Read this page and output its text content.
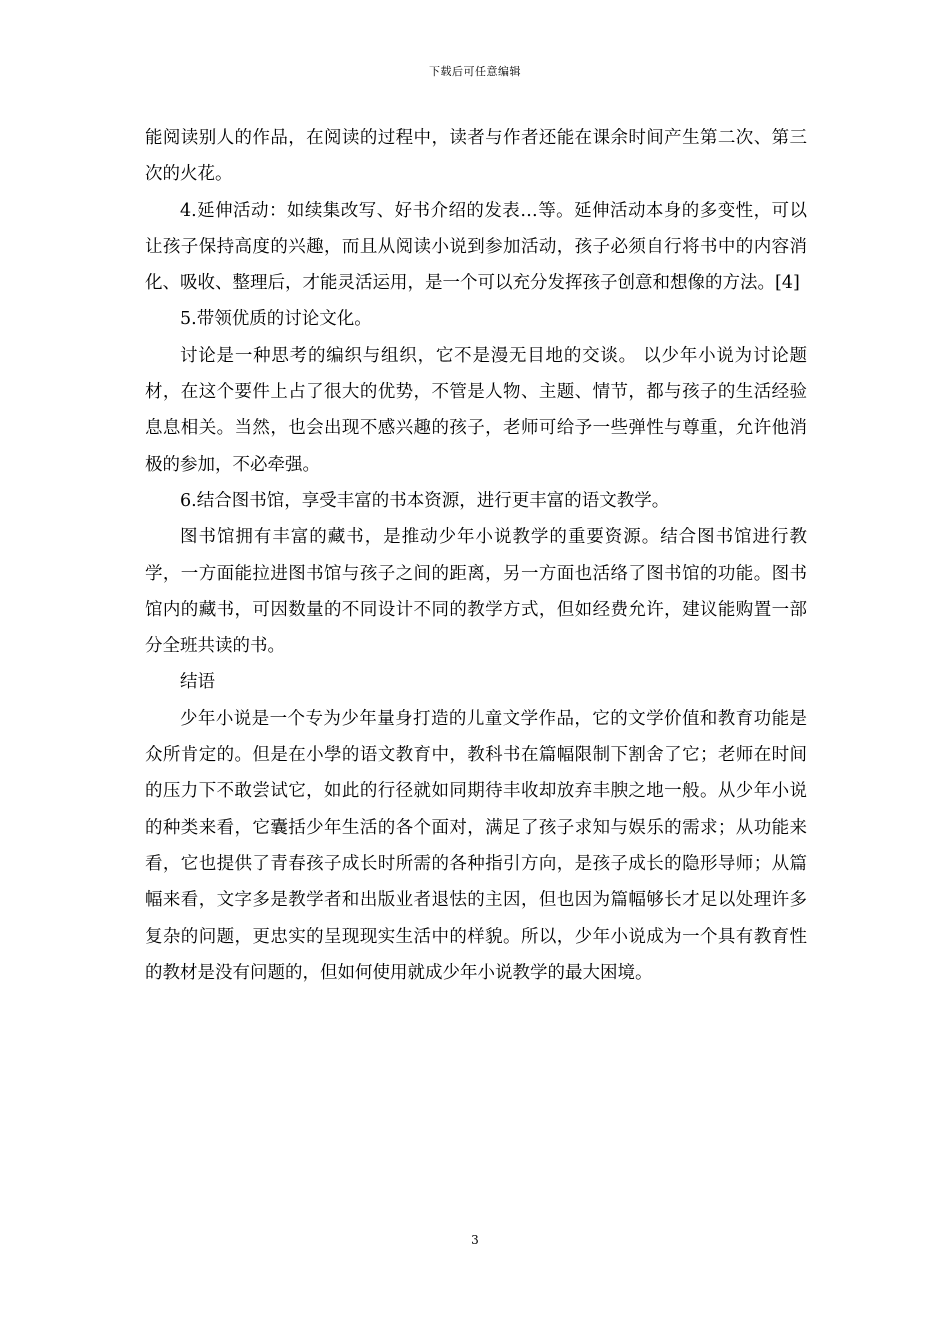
下载后可任意编辑

能阅读别人的作品，在阅读的过程中，读者与作者还能在课余时间产生第二次、第三次的火花。

4.延伸活动：如续集改写、好书介绍的发表…等。延伸活动本身的多变性，可以让孩子保持高度的兴趣，而且从阅读小说到参加活动，孩子必须自行将书中的内容消化、吸收、整理后，才能灵活运用，是一个可以充分发挥孩子创意和想像的方法。[4]

5.带领优质的讨论文化。

讨论是一种思考的编织与组织，它不是漫无目地的交谈。 以少年小说为讨论题材，在这个要件上占了很大的优势，不管是人物、主题、情节，都与孩子的生活经验息息相关。当然，也会出现不感兴趣的孩子，老师可给予一些弹性与尊重，允许他消极的参加，不必牵强。

6.结合图书馆，享受丰富的书本资源，进行更丰富的语文教学。

图书馆拥有丰富的藏书，是推动少年小说教学的重要资源。结合图书馆进行教学，一方面能拉进图书馆与孩子之间的距离，另一方面也活络了图书馆的功能。图书馆内的藏书，可因数量的不同设计不同的教学方式，但如经费允许，建议能购置一部分全班共读的书。

结语

少年小说是一个专为少年量身打造的儿童文学作品，它的文学价值和教育功能是众所肯定的。但是在小學的语文教育中，教科书在篇幅限制下割舍了它；老师在时间的压力下不敢尝试它，如此的行径就如同期待丰收却放弃丰腴之地一般。从少年小说的种类来看，它囊括少年生活的各个面对，满足了孩子求知与娱乐的需求；从功能来看，它也提供了青春孩子成长时所需的各种指引方向，是孩子成长的隐形导师；从篇幅来看，文字多是教学者和出版业者退怯的主因，但也因为篇幅够长才足以处理许多复杂的问题，更忠实的呈现现实生活中的样貌。所以，少年小说成为一个具有教育性的教材是没有问题的，但如何使用就成少年小说教学的最大困境。

3
